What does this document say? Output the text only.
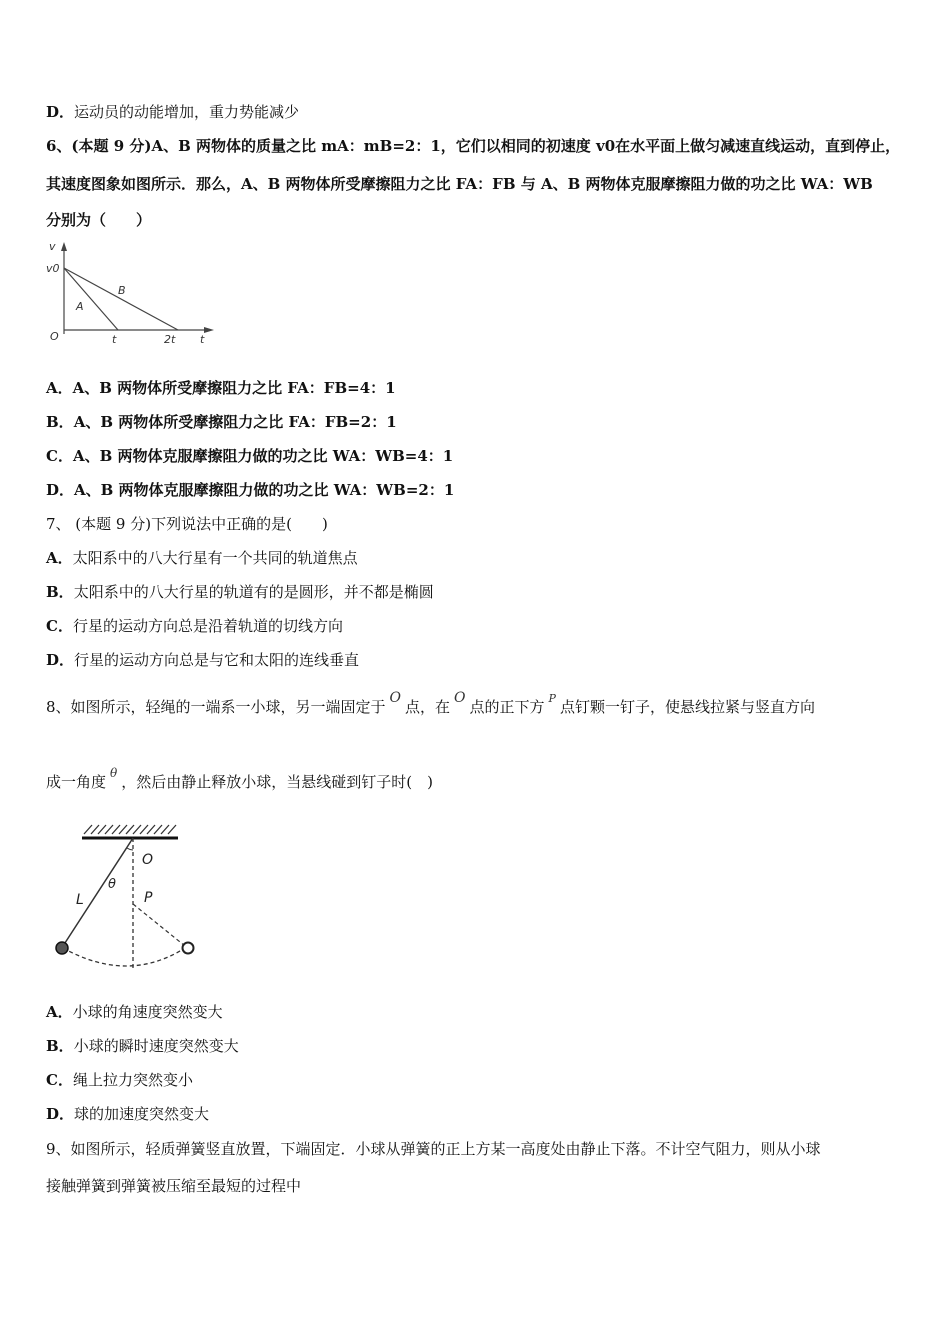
D．运动员的动能增加，重力势能减少
6、(本题 9 分)A、B 两物体的质量之比 mA：mB=2：1，它们以相同的初速度 v0在水平面上做匀减速直线运动，直到停止，
其速度图象如图所示．那么，A、B 两物体所受摩擦阻力之比 FA：FB 与 A、B 两物体克服摩擦阻力做的功之比 WA：WB
分别为（　　）
v
v0
O	t	2t t
A
B
A．A、B 两物体所受摩擦阻力之比 FA：FB=4：1
B．A、B 两物体所受摩擦阻力之比 FA：FB=2：1
C．A、B 两物体克服摩擦阻力做的功之比 WA：WB=4：1
D．A、B 两物体克服摩擦阻力做的功之比 WA：WB=2：1
7、 (本题 9 分)下列说法中正确的是(　　)
A．太阳系中的八大行星有一个共同的轨道焦点
B．太阳系中的八大行星的轨道有的是圆形，并不都是椭圆
C．行星的运动方向总是沿着轨道的切线方向
D．行星的运动方向总是与它和太阳的连线垂直
8、如图所示，轻绳的一端系一小球，另一端固定于 O 点，在 O 点的正下方 $^P$ 点钉颗一钉子，使悬线拉紧与竖直方向
成一角度 $^\theta$ ，然后由静止释放小球，当悬线碰到钉子时(　)
O
P
L
θ
A．小球的角速度突然变大
B．小球的瞬时速度突然变大
C．绳上拉力突然变小
D．球的加速度突然变大
9、如图所示，轻质弹簧竖直放置，下端固定．小球从弹簧的正上方某一高度处由静止下落。不计空气阻力，则从小球
接触弹簧到弹簧被压缩至最短的过程中
